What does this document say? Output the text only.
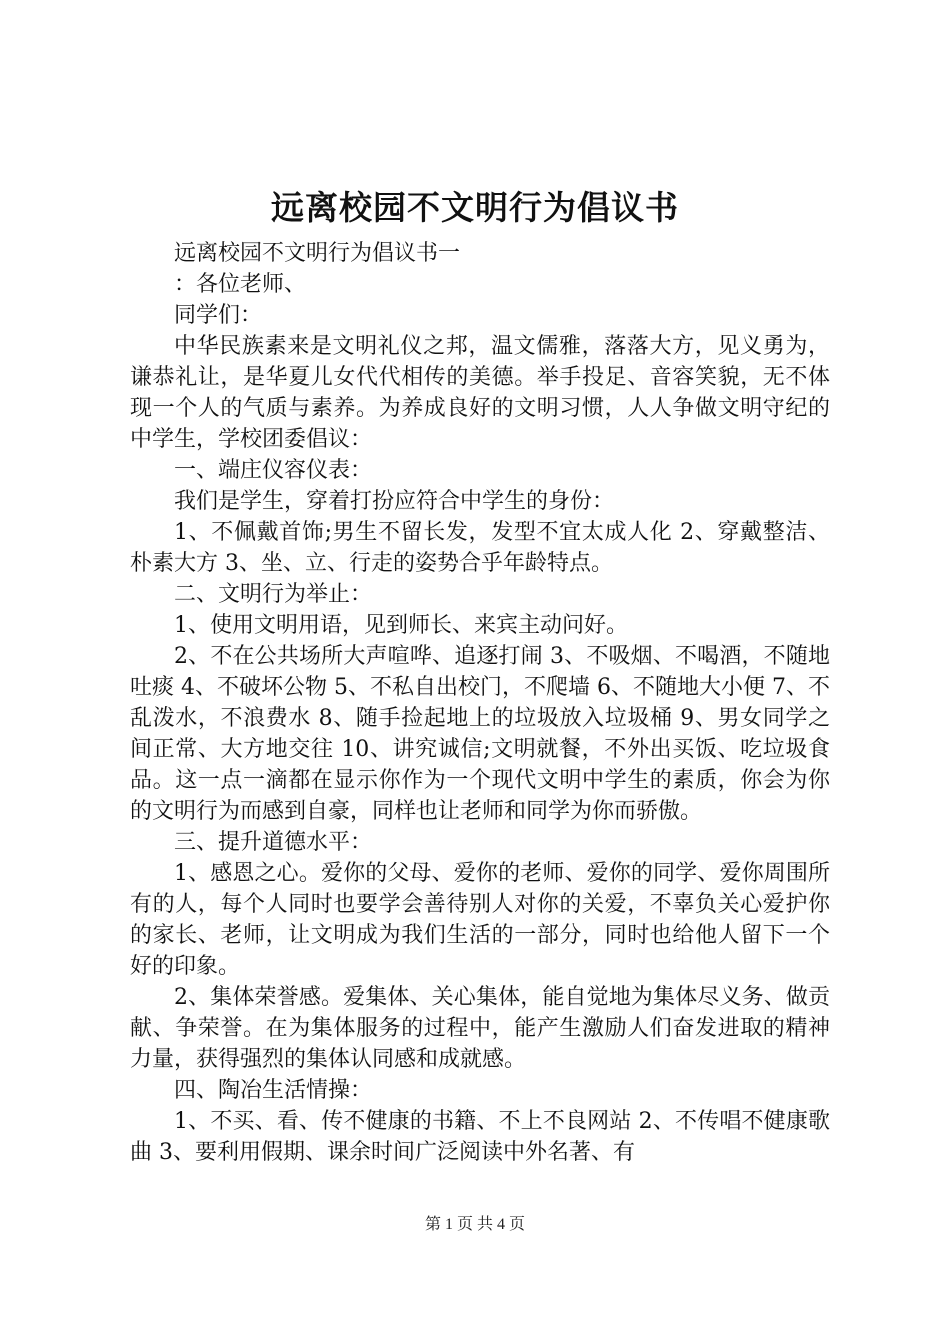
远离校园不文明行为倡议书

远离校园不文明行为倡议书一

：各位老师、

同学们：

中华民族素来是文明礼仪之邦，温文儒雅，落落大方，见义勇为，谦恭礼让，是华夏儿女代代相传的美德。举手投足、音容笑貌，无不体现一个人的气质与素养。为养成良好的文明习惯，人人争做文明守纪的中学生，学校团委倡议：

一、端庄仪容仪表：

我们是学生，穿着打扮应符合中学生的身份：

1、不佩戴首饰;男生不留长发，发型不宜太成人化 2、穿戴整洁、朴素大方 3、坐、立、行走的姿势合乎年龄特点。

二、文明行为举止：

1、使用文明用语，见到师长、来宾主动问好。

2、不在公共场所大声喧哗、追逐打闹 3、不吸烟、不喝酒，不随地吐痰 4、不破坏公物 5、不私自出校门，不爬墙 6、不随地大小便 7、不乱泼水，不浪费水 8、随手捡起地上的垃圾放入垃圾桶 9、男女同学之间正常、大方地交往 10、讲究诚信;文明就餐，不外出买饭、吃垃圾食品。这一点一滴都在显示你作为一个现代文明中学生的素质，你会为你的文明行为而感到自豪，同样也让老师和同学为你而骄傲。

三、提升道德水平：

1、感恩之心。爱你的父母、爱你的老师、爱你的同学、爱你周围所有的人，每个人同时也要学会善待别人对你的关爱，不辜负关心爱护你的家长、老师，让文明成为我们生活的一部分，同时也给他人留下一个好的印象。

2、集体荣誉感。爱集体、关心集体，能自觉地为集体尽义务、做贡献、争荣誉。在为集体服务的过程中，能产生激励人们奋发进取的精神力量，获得强烈的集体认同感和成就感。

四、陶冶生活情操：

1、不买、看、传不健康的书籍、不上不良网站 2、不传唱不健康歌曲 3、要利用假期、课余时间广泛阅读中外名著、有

第 1 页 共 4 页
